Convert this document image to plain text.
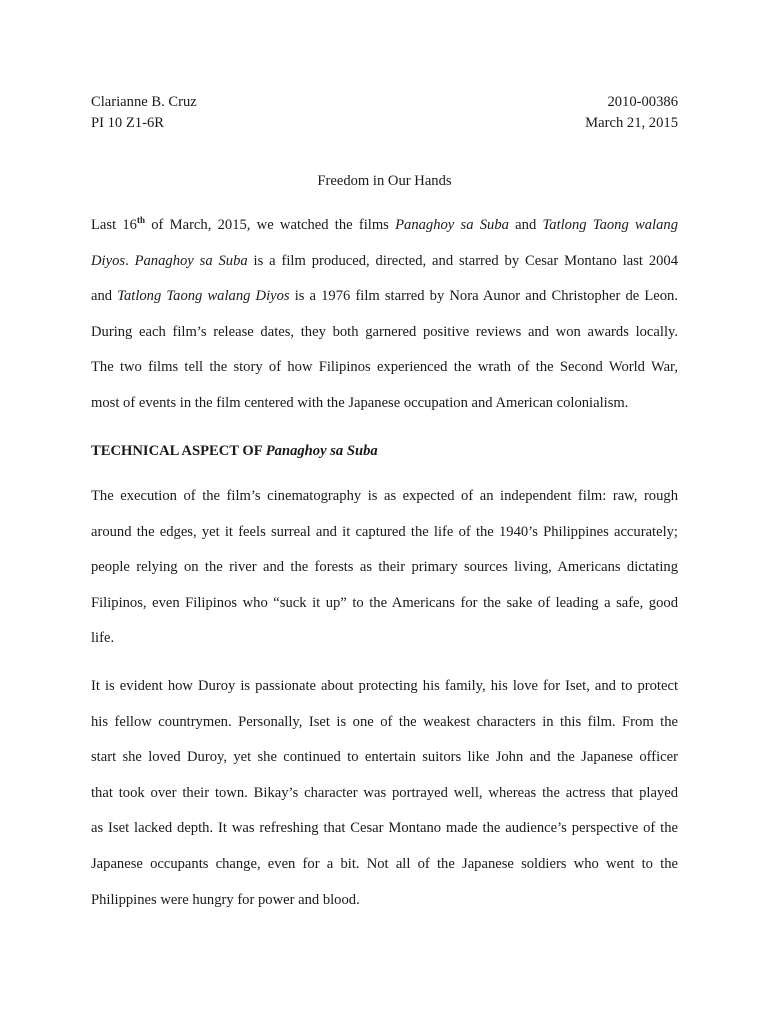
Clarianne B. Cruz	2010-00386
PI 10 Z1-6R	March 21, 2015
Freedom in Our Hands

Last 16th of March, 2015, we watched the films Panaghoy sa Suba and Tatlong Taong walang
Diyos. Panaghoy sa Suba is a film produced, directed, and starred by Cesar Montano last 2004
and Tatlong Taong walang Diyos is a 1976 film starred by Nora Aunor and Christopher de Leon.
During each film’s release dates, they both garnered positive reviews and won awards locally.
The two films tell the story of how Filipinos experienced the wrath of the Second World War,
most of events in the film centered with the Japanese occupation and American colonialism.

TECHNICAL ASPECT OF Panaghoy sa Suba

The execution of the film’s cinematography is as expected of an independent film: raw, rough
around the edges, yet it feels surreal and it captured the life of the 1940’s Philippines accurately;
people relying on the river and the forests as their primary sources living, Americans dictating
Filipinos, even Filipinos who “suck it up” to the Americans for the sake of leading a safe, good
life.

It is evident how Duroy is passionate about protecting his family, his love for Iset, and to protect
his fellow countrymen. Personally, Iset is one of the weakest characters in this film. From the
start she loved Duroy, yet she continued to entertain suitors like John and the Japanese officer
that took over their town. Bikay’s character was portrayed well, whereas the actress that played
as Iset lacked depth. It was refreshing that Cesar Montano made the audience’s perspective of the
Japanese occupants change, even for a bit. Not all of the Japanese soldiers who went to the
Philippines were hungry for power and blood.
